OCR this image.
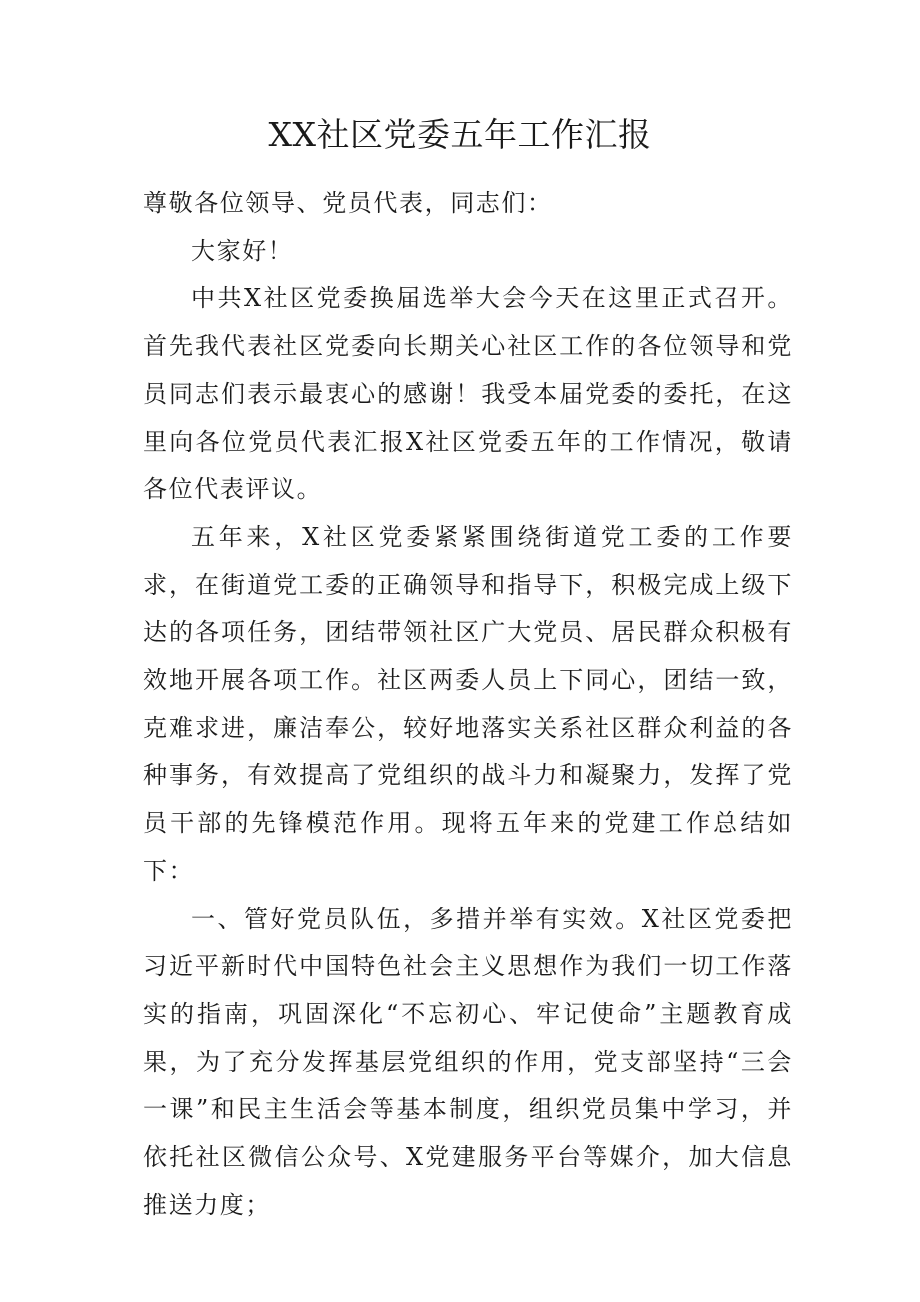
XX社区党委五年工作汇报

尊敬各位领导、党员代表，同志们：

大家好！

中共X社区党委换届选举大会今天在这里正式召开。首先我代表社区党委向长期关心社区工作的各位领导和党员同志们表示最衷心的感谢！我受本届党委的委托，在这里向各位党员代表汇报X社区党委五年的工作情况，敬请各位代表评议。

五年来，X社区党委紧紧围绕街道党工委的工作要求，在街道党工委的正确领导和指导下，积极完成上级下达的各项任务，团结带领社区广大党员、居民群众积极有效地开展各项工作。社区两委人员上下同心，团结一致，克难求进，廉洁奉公，较好地落实关系社区群众利益的各种事务，有效提高了党组织的战斗力和凝聚力，发挥了党员干部的先锋模范作用。现将五年来的党建工作总结如下：

一、管好党员队伍，多措并举有实效。X社区党委把习近平新时代中国特色社会主义思想作为我们一切工作落实的指南，巩固深化“不忘初心、牢记使命”主题教育成果，为了充分发挥基层党组织的作用，党支部坚持“三会一课”和民主生活会等基本制度，组织党员集中学习，并依托社区微信公众号、X党建服务平台等媒介，加大信息推送力度；
